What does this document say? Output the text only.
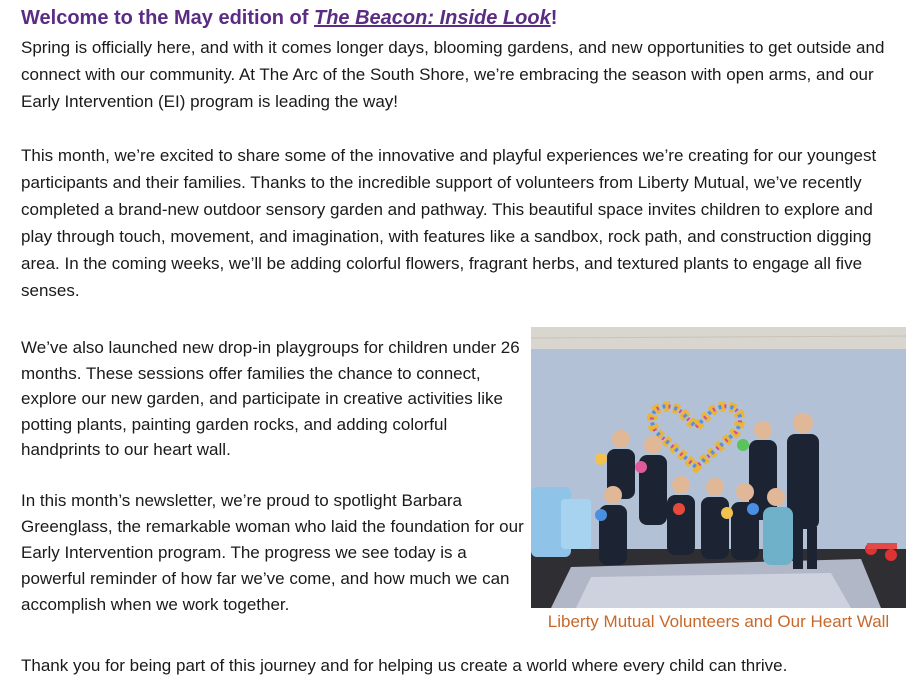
Welcome to the May edition of The Beacon: Inside Look!

Spring is officially here, and with it comes longer days, blooming gardens, and new opportunities to get outside and connect with our community. At The Arc of the South Shore, we’re embracing the season with open arms, and our Early Intervention (EI) program is leading the way!

This month, we’re excited to share some of the innovative and playful experiences we’re creating for our youngest participants and their families. Thanks to the incredible support of volunteers from Liberty Mutual, we’ve recently completed a brand-new outdoor sensory garden and pathway. This beautiful space invites children to explore and play through touch, movement, and imagination, with features like a sandbox, rock path, and construction digging area. In the coming weeks, we’ll be adding colorful flowers, fragrant herbs, and textured plants to engage all five senses.

We’ve also launched new drop-in playgroups for children under 26 months. These sessions offer families the chance to connect, explore our new garden, and participate in creative activities like potting plants, painting garden rocks, and adding colorful handprints to our heart wall.

In this month’s newsletter, we’re proud to spotlight Barbara Greenglass, the remarkable woman who laid the foundation for our Early Intervention program. The progress we see today is a powerful reminder of how far we’ve come, and how much we can accomplish when we work together.

Liberty Mutual Volunteers and Our Heart Wall

Thank you for being part of this journey and for helping us create a world where every child can thrive.
